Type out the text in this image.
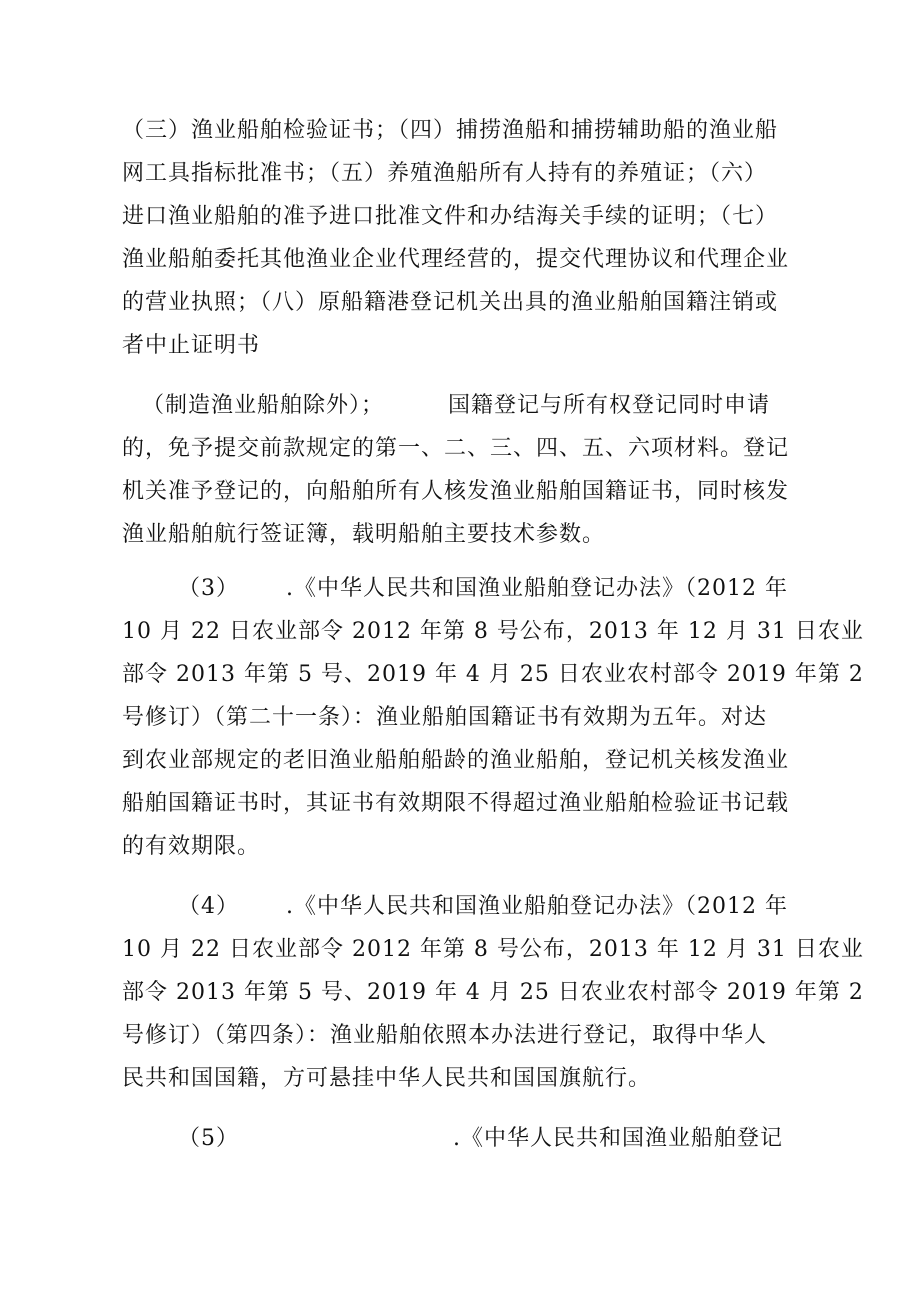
（三）渔业船舶检验证书；（四）捕捞渔船和捕捞辅助船的渔业船
网工具指标批准书；（五）养殖渔船所有人持有的养殖证；（六）
进口渔业船舶的准予进口批准文件和办结海关手续的证明；（七）
渔业船舶委托其他渔业企业代理经营的，提交代理协议和代理企业
的营业执照；（八）原船籍港登记机关出具的渔业船舶国籍注销或
者中止证明书
（制造渔业船舶除外）；	国籍登记与所有权登记同时申请
的，免予提交前款规定的第一、二、三、四、五、六项材料。登记
机关准予登记的，向船舶所有人核发渔业船舶国籍证书，同时核发
渔业船舶航行签证簿，载明船舶主要技术参数。
（3） .《中华人民共和国渔业船舶登记办法》（2012 年
10 月 22 日农业部令 2012 年第 8 号公布，2013 年 12 月 31 日农业
部令 2013 年第 5 号、2019 年 4 月 25 日农业农村部令 2019 年第 2
号修订）（第二十一条）：渔业船舶国籍证书有效期为五年。对达
到农业部规定的老旧渔业船舶船龄的渔业船舶，登记机关核发渔业
船舶国籍证书时，其证书有效期限不得超过渔业船舶检验证书记载
的有效期限。
（4） .《中华人民共和国渔业船舶登记办法》（2012 年
10 月 22 日农业部令 2012 年第 8 号公布，2013 年 12 月 31 日农业
部令 2013 年第 5 号、2019 年 4 月 25 日农业农村部令 2019 年第 2
号修订）（第四条）：渔业船舶依照本办法进行登记，取得中华人
民共和国国籍，方可悬挂中华人民共和国国旗航行。
（5）	.《中华人民共和国渔业船舶登记
